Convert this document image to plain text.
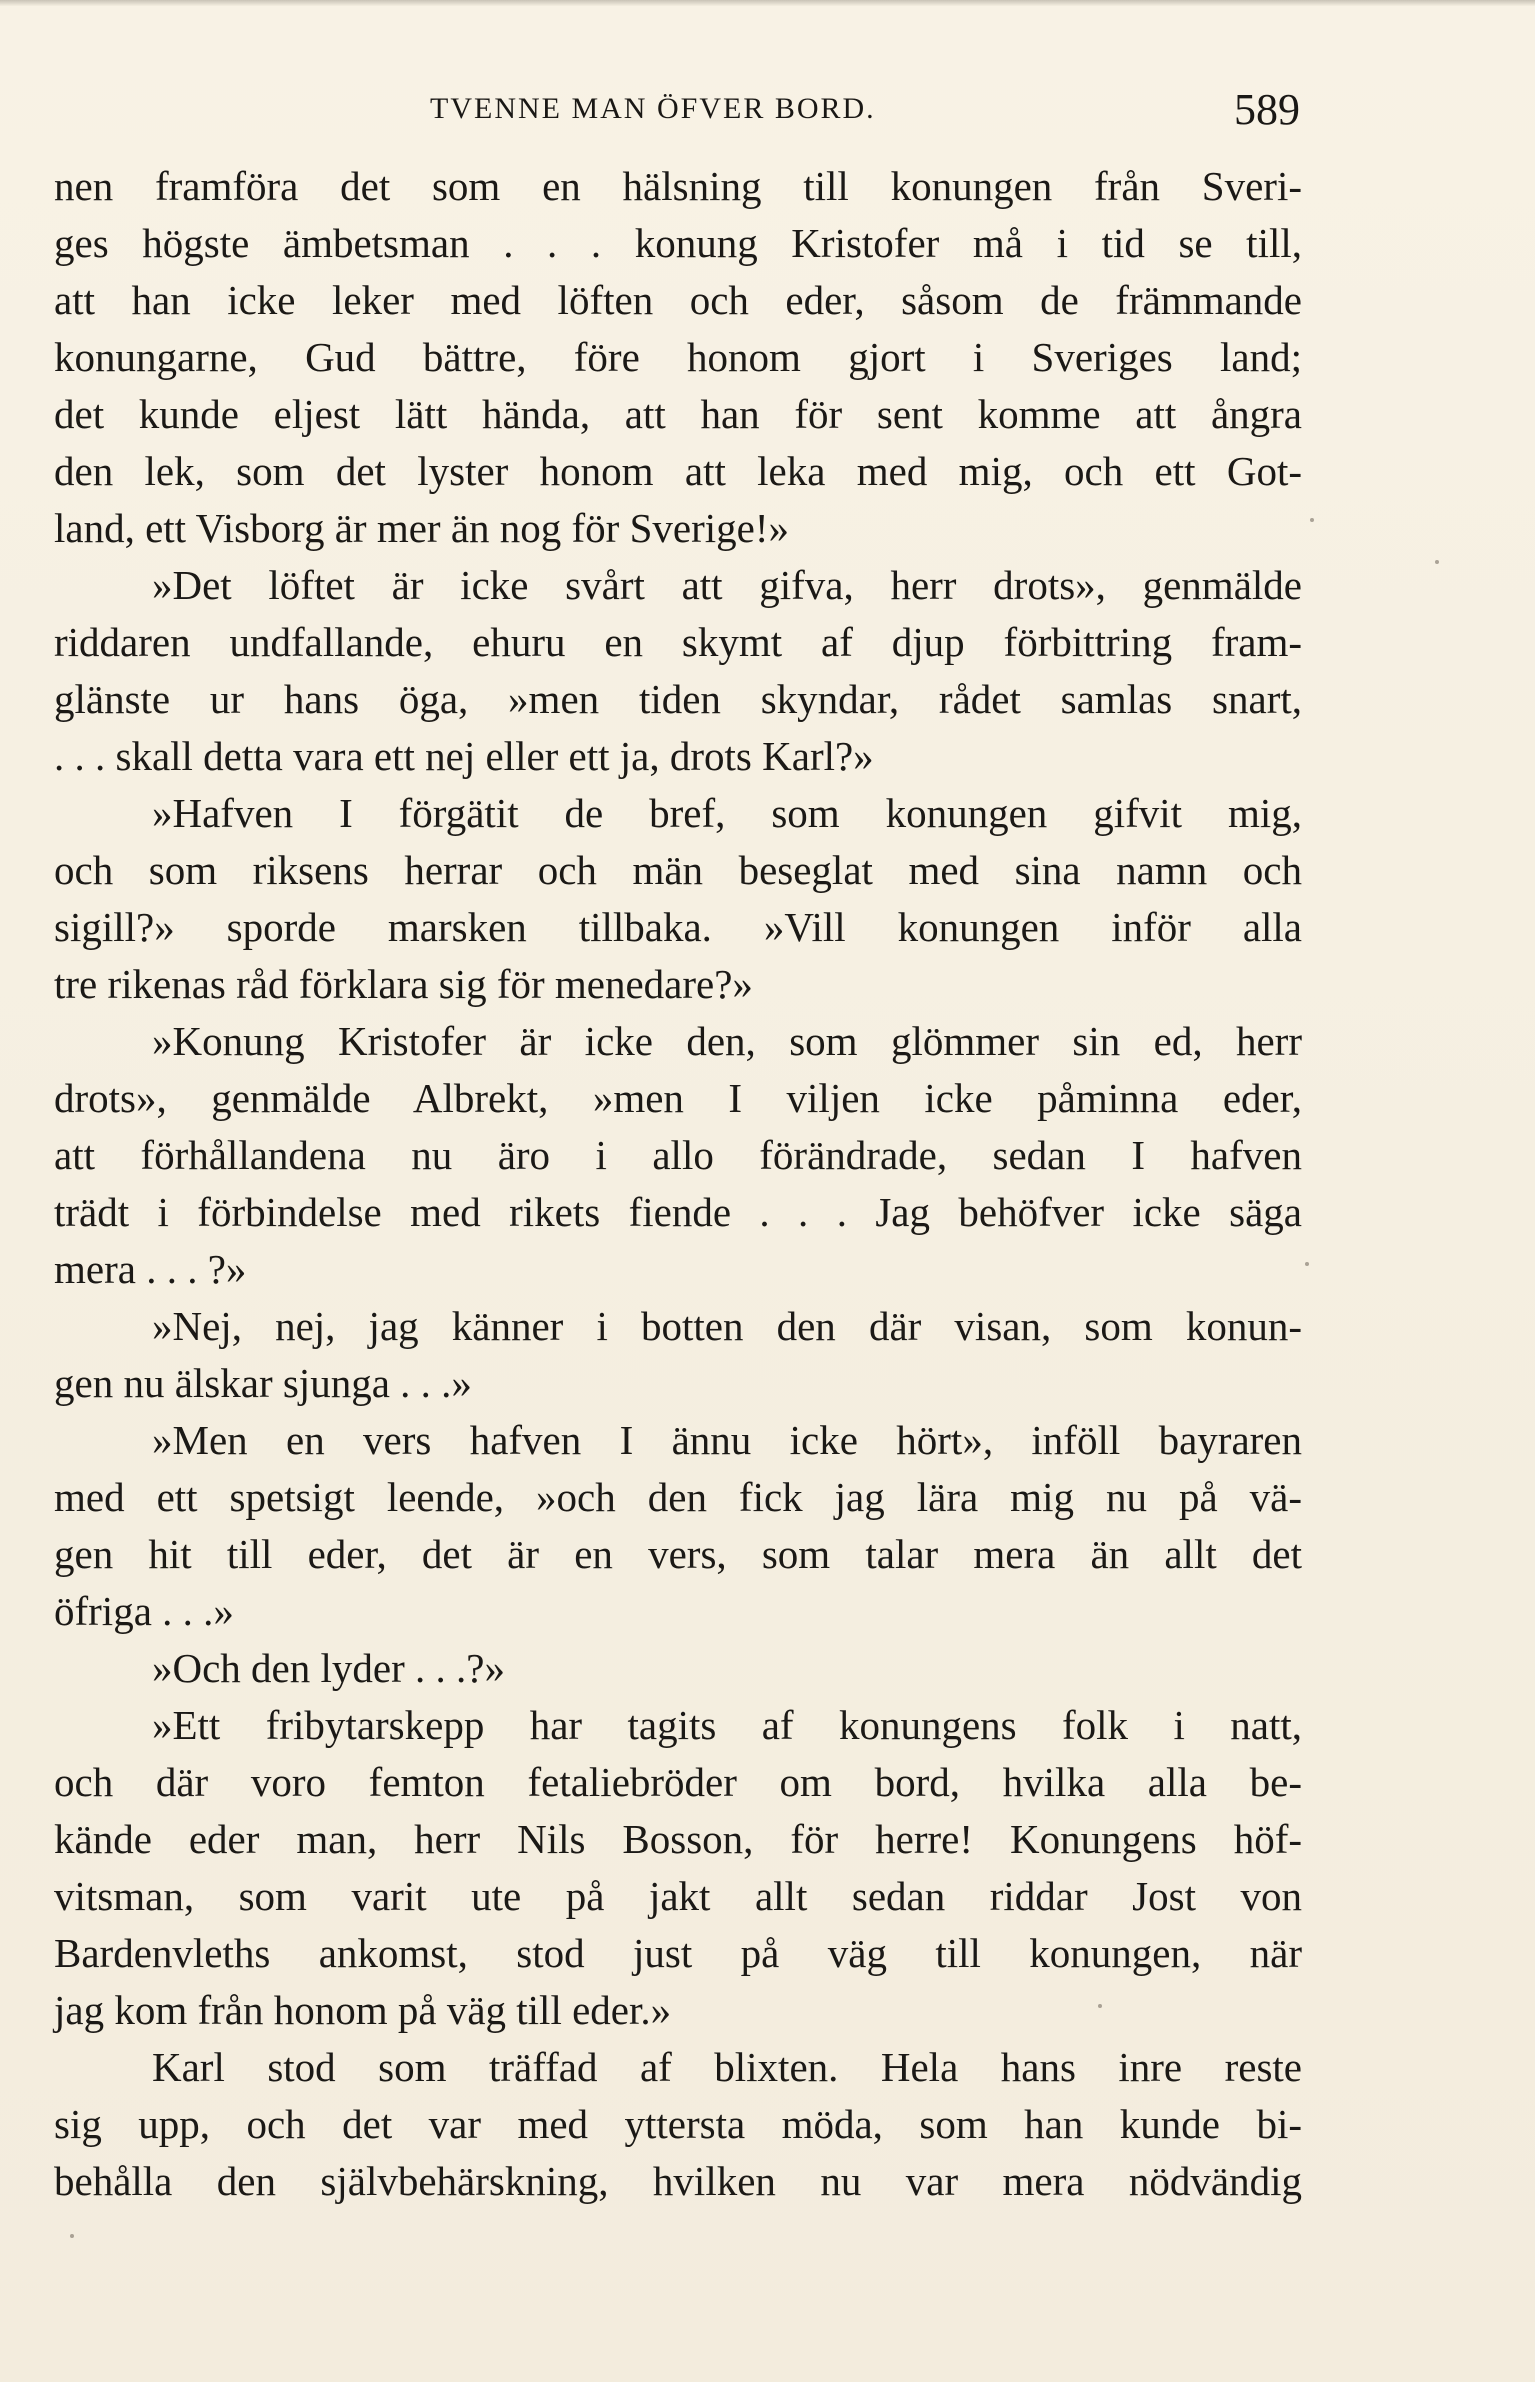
TVENNE MAN ÖFVER BORD.	589
nen framföra det som en hälsning till konungen från Sveri-
ges högste ämbetsman . . . konung Kristofer må i tid se till,
att han icke leker med löften och eder, såsom de främmande
konungarne, Gud bättre, före honom gjort i Sveriges land;
det kunde eljest lätt hända, att han för sent komme att ångra
den lek, som det lyster honom att leka med mig, och ett Got-
land, ett Visborg är mer än nog för Sverige!»
»Det löftet är icke svårt att gifva, herr drots», genmälde
riddaren undfallande, ehuru en skymt af djup förbittring fram-
glänste ur hans öga, »men tiden skyndar, rådet samlas snart,
. . . skall detta vara ett nej eller ett ja, drots Karl?»
»Hafven I förgätit de bref, som konungen gifvit mig,
och som riksens herrar och män beseglat med sina namn och
sigill?» sporde marsken tillbaka. »Vill konungen inför alla
tre rikenas råd förklara sig för menedare?»
»Konung Kristofer är icke den, som glömmer sin ed, herr
drots», genmälde Albrekt, »men I viljen icke påminna eder,
att förhållandena nu äro i allo förändrade, sedan I hafven
trädt i förbindelse med rikets fiende . . . Jag behöfver icke säga
mera . . . ?»
»Nej, nej, jag känner i botten den där visan, som konun-
gen nu älskar sjunga . . .»
»Men en vers hafven I ännu icke hört», inföll bayraren
med ett spetsigt leende, »och den fick jag lära mig nu på vä-
gen hit till eder, det är en vers, som talar mera än allt det
öfriga . . .»
»Och den lyder . . .?»
»Ett fribytarskepp har tagits af konungens folk i natt,
och där voro femton fetaliebröder om bord, hvilka alla be-
kände eder man, herr Nils Bosson, för herre! Konungens höf-
vitsman, som varit ute på jakt allt sedan riddar Jost von
Bardenvleths ankomst, stod just på väg till konungen, när
jag kom från honom på väg till eder.»
Karl stod som träffad af blixten. Hela hans inre reste
sig upp, och det var med yttersta möda, som han kunde bi-
behålla den självbehärskning, hvilken nu var mera nödvändig
